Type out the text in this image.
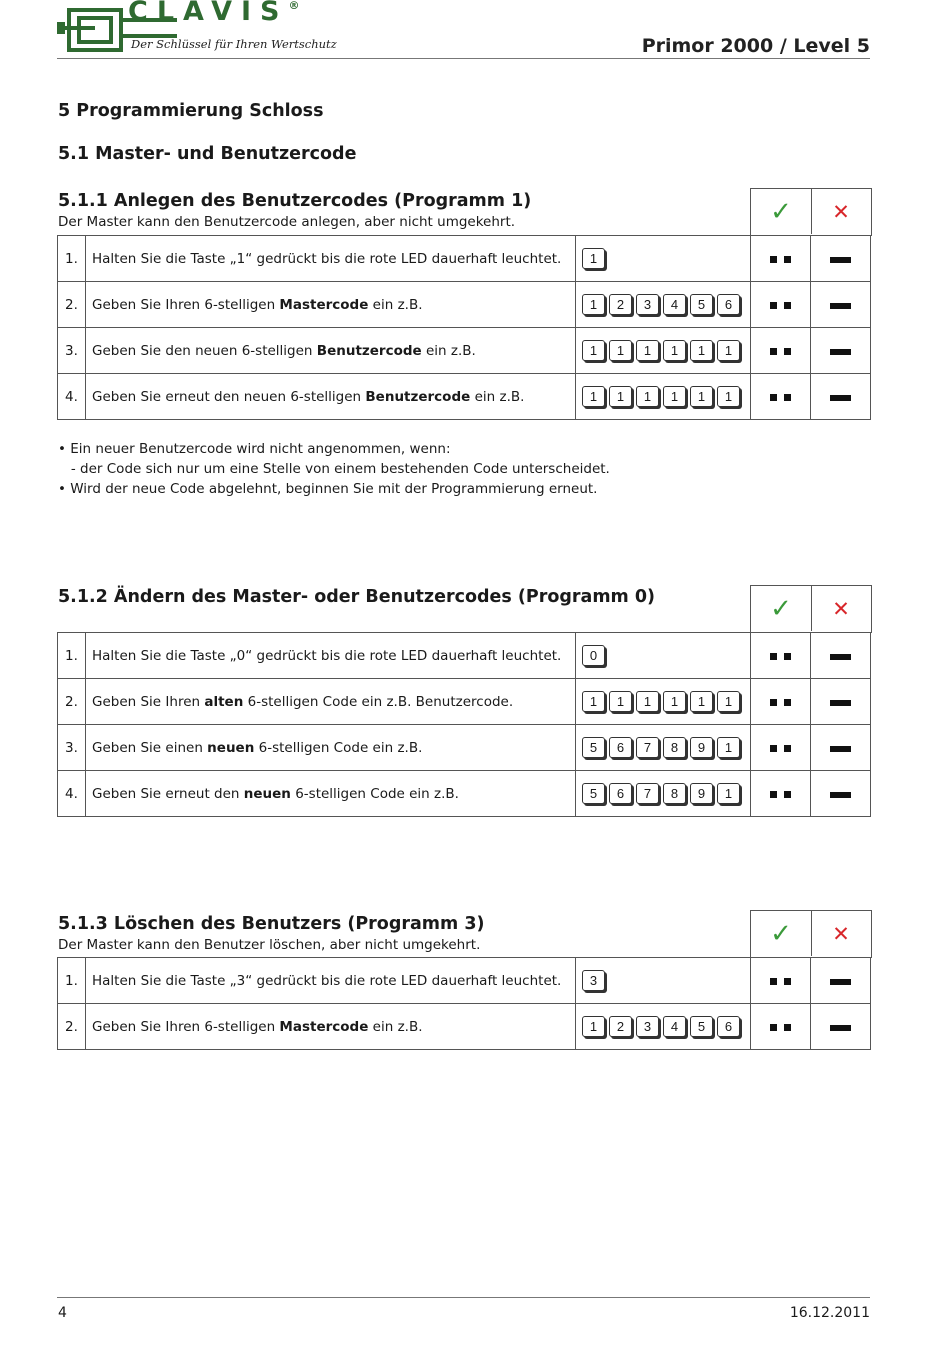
CLAVIS®
Der Schlüssel für Ihren Wertschutz	Primor 2000 / Level 5
5 Programmierung Schloss
5.1 Master- und Benutzercode
5.1.1 Anlegen des Benutzercodes (Programm 1)
Der Master kann den Benutzercode anlegen, aber nicht umgekehrt.	✓ ✕
1.	Halten Sie die Taste „1“ gedrückt bis die rote LED dauerhaft leuchtet.	1	

2.	Geben Sie Ihren 6-stelligen Mastercode ein z.B.	1 2 3 4 5 6	

3.	Geben Sie den neuen 6-stelligen Benutzercode ein z.B.	1 1 1 1 1 1	

4.	Geben Sie erneut den neuen 6-stelligen Benutzercode ein z.B.	1 1 1 1 1 1	

5.1.2 Ändern des Master- oder Benutzercodes (Programm 0)	✓ ✕
1.	Halten Sie die Taste „0“ gedrückt bis die rote LED dauerhaft leuchtet.	0	

2.	Geben Sie Ihren alten 6-stelligen Code ein z.B. Benutzercode.	1 1 1 1 1 1	

3.	Geben Sie einen neuen 6-stelligen Code ein z.B.	5 6 7 8 9 1	

4.	Geben Sie erneut den neuen 6-stelligen Code ein z.B.	5 6 7 8 9 1	

5.1.3 Löschen des Benutzers (Programm 3)
Der Master kann den Benutzer löschen, aber nicht umgekehrt.	✓ ✕
1.	Halten Sie die Taste „3“ gedrückt bis die rote LED dauerhaft leuchtet.	3	

2.	Geben Sie Ihren 6-stelligen Mastercode ein z.B.	1 2 3 4 5 6	

• Ein neuer Benutzercode wird nicht angenommen, wenn:
- der Code sich nur um eine Stelle von einem bestehenden Code unterscheidet.
• Wird der neue Code abgelehnt, beginnen Sie mit der Programmierung erneut.
4	16.12.2011
